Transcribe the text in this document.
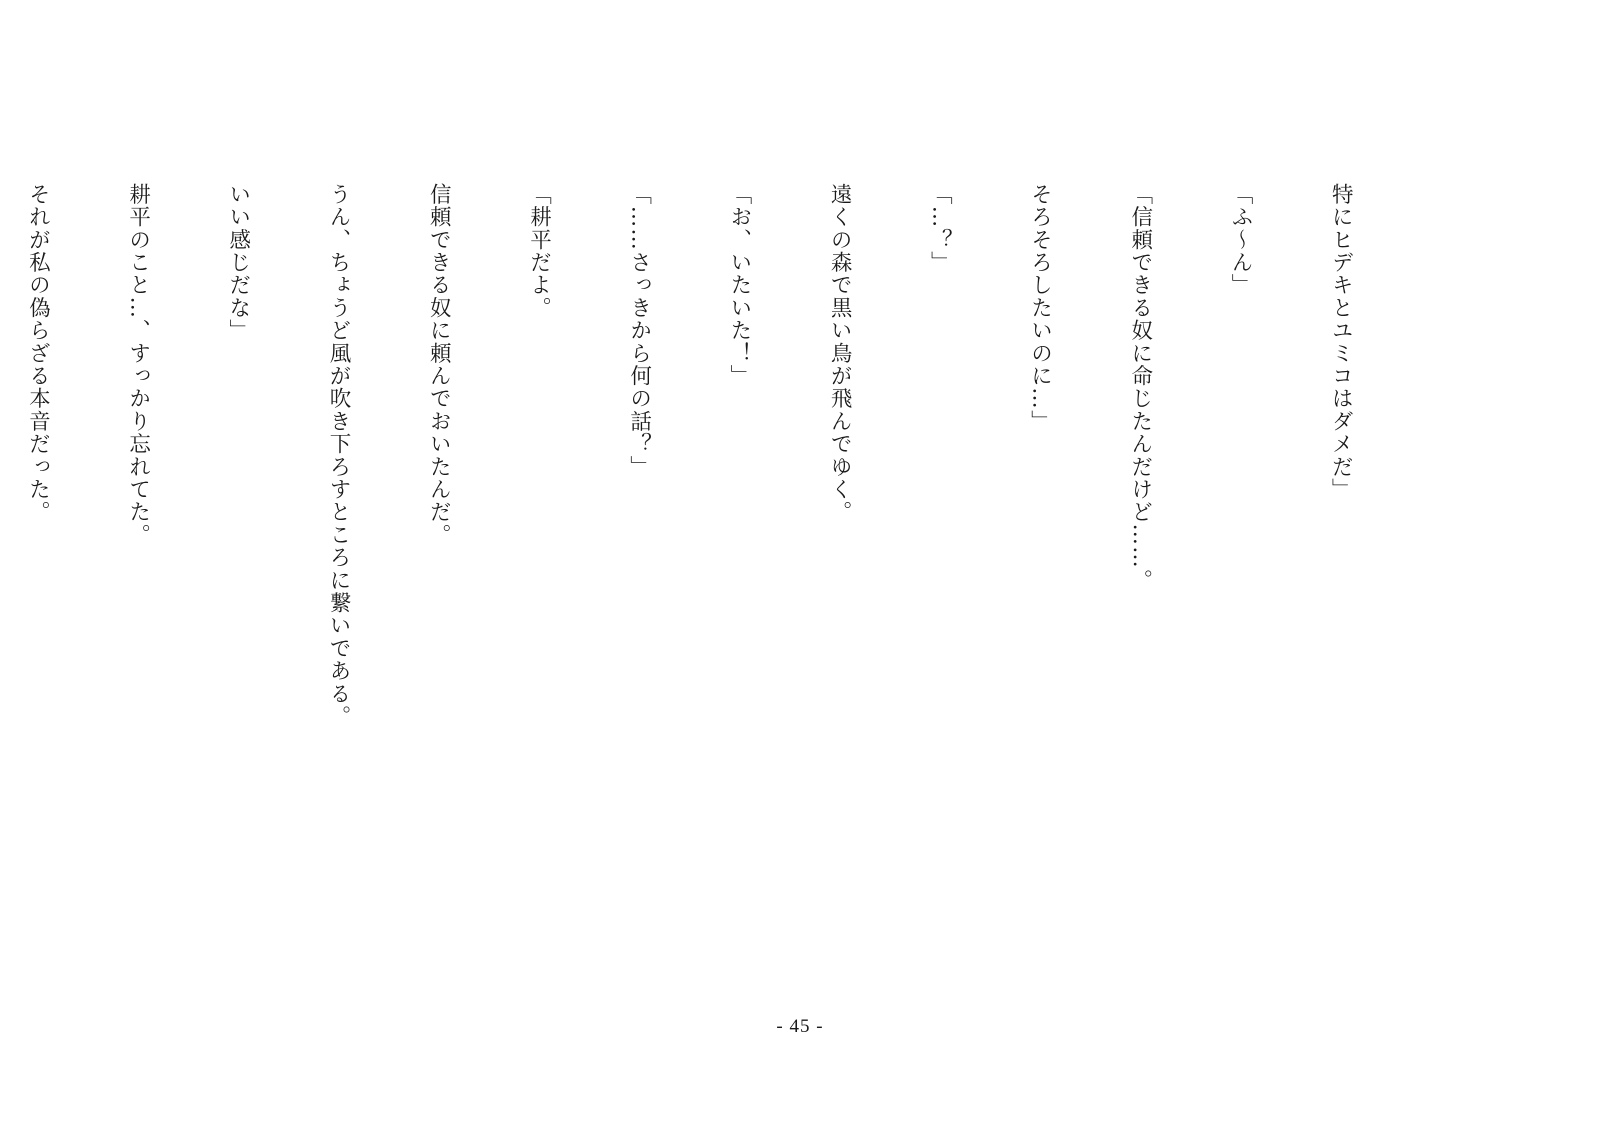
特にヒデキとユミコはダメだ」

「ふ～ん」

「信頼できる奴に命じたんだけど……。

そろそろしたいのに…」

「…？」

遠くの森で黒い鳥が飛んでゆく。

「お、いたいた！」

「……さっきから何の話？」

「耕平だよ。

信頼できる奴に頼んでおいたんだ。

うん、ちょうど風が吹き下ろすところに繋いである。

いい感じだな」

耕平のこと…、すっかり忘れてた。

それが私の偽らざる本音だった。

- 45 -
